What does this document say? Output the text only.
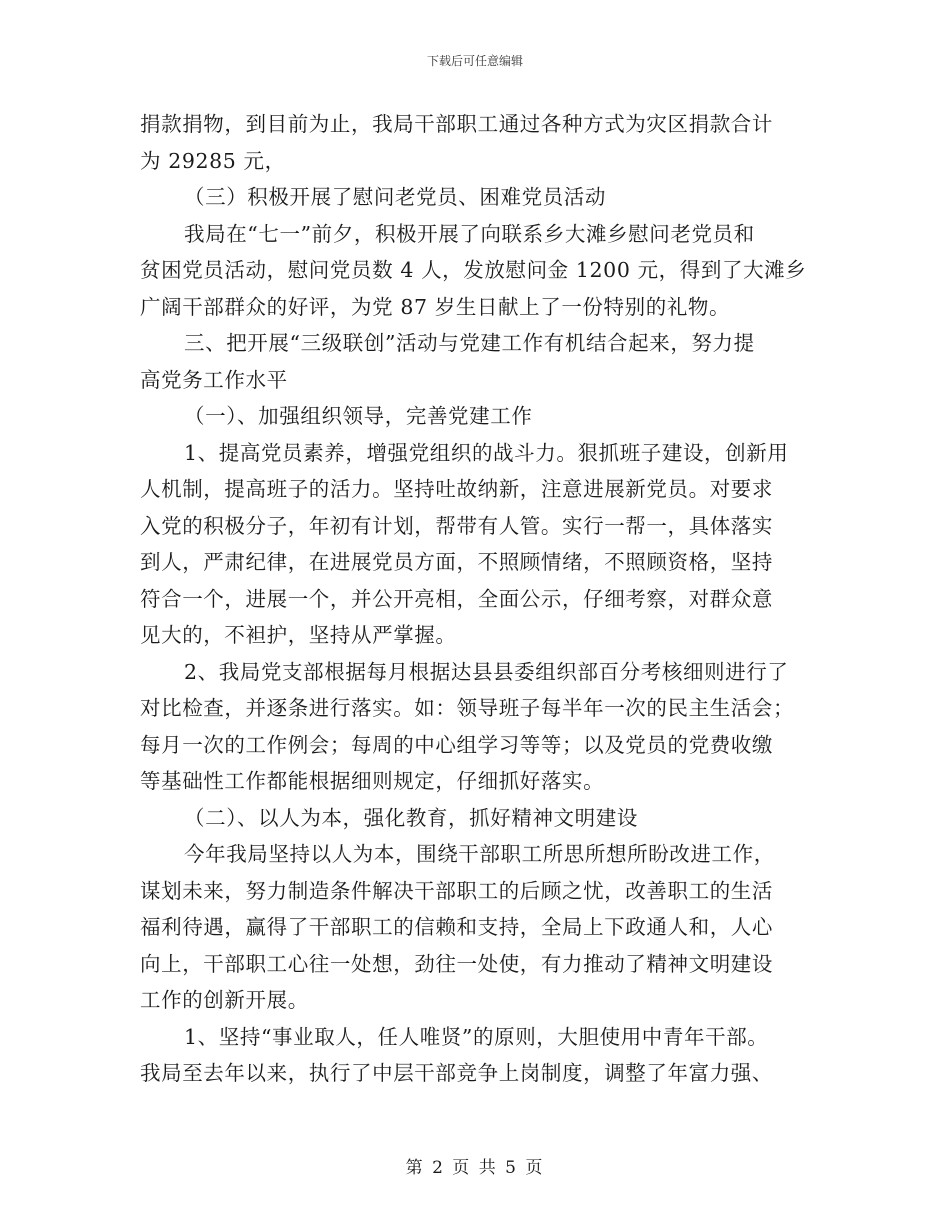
下载后可任意编辑
捐款捐物，到目前为止，我局干部职工通过各种方式为灾区捐款合计
为 29285 元，
（三）积极开展了慰问老党员、困难党员活动
我局在“七一”前夕，积极开展了向联系乡大滩乡慰问老党员和
贫困党员活动，慰问党员数 4 人，发放慰问金 1200 元，得到了大滩乡
广阔干部群众的好评，为党 87 岁生日献上了一份特别的礼物。
三、把开展“三级联创”活动与党建工作有机结合起来，努力提
高党务工作水平
（一）、加强组织领导，完善党建工作
1、提高党员素养，增强党组织的战斗力。狠抓班子建设，创新用
人机制，提高班子的活力。坚持吐故纳新，注意进展新党员。对要求
入党的积极分子，年初有计划，帮带有人管。实行一帮一，具体落实
到人，严肃纪律，在进展党员方面，不照顾情绪，不照顾资格，坚持
符合一个，进展一个，并公开亮相，全面公示，仔细考察，对群众意
见大的，不袒护，坚持从严掌握。
2、我局党支部根据每月根据达县县委组织部百分考核细则进行了
对比检查，并逐条进行落实。如：领导班子每半年一次的民主生活会；
每月一次的工作例会；每周的中心组学习等等；以及党员的党费收缴
等基础性工作都能根据细则规定，仔细抓好落实。
（二）、以人为本，强化教育，抓好精神文明建设
今年我局坚持以人为本，围绕干部职工所思所想所盼改进工作，
谋划未来，努力制造条件解决干部职工的后顾之忧，改善职工的生活
福利待遇，赢得了干部职工的信赖和支持，全局上下政通人和，人心
向上，干部职工心往一处想，劲往一处使，有力推动了精神文明建设
工作的创新开展。
1、坚持“事业取人，任人唯贤”的原则，大胆使用中青年干部。
我局至去年以来，执行了中层干部竞争上岗制度，调整了年富力强、
第 2 页 共 5 页
